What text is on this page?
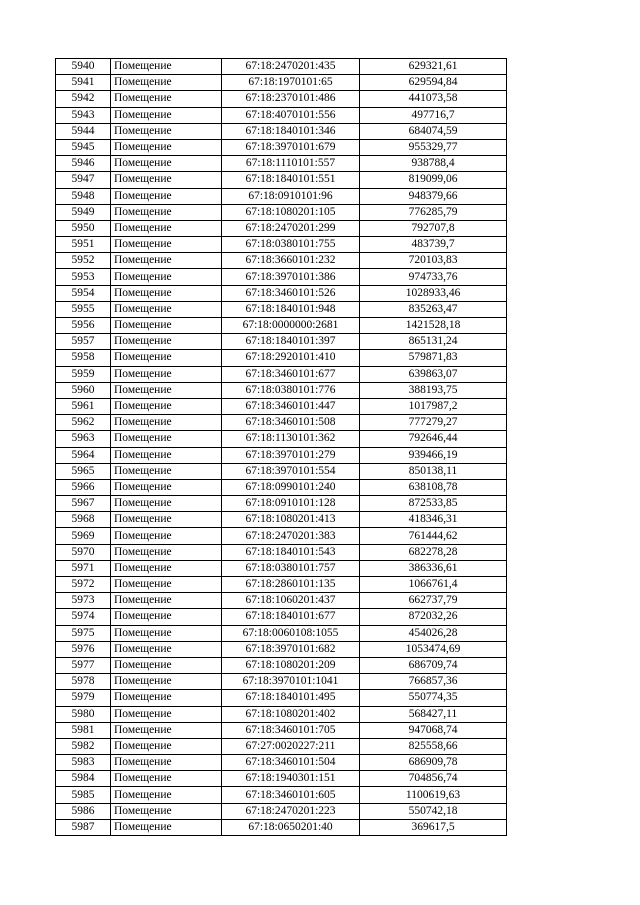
5940	Помещение	67:18:2470201:435	629321,61
5941	Помещение	67:18:1970101:65	629594,84
5942	Помещение	67:18:2370101:486	441073,58
5943	Помещение	67:18:4070101:556	497716,7
5944	Помещение	67:18:1840101:346	684074,59
5945	Помещение	67:18:3970101:679	955329,77
5946	Помещение	67:18:1110101:557	938788,4
5947	Помещение	67:18:1840101:551	819099,06
5948	Помещение	67:18:0910101:96	948379,66
5949	Помещение	67:18:1080201:105	776285,79
5950	Помещение	67:18:2470201:299	792707,8
5951	Помещение	67:18:0380101:755	483739,7
5952	Помещение	67:18:3660101:232	720103,83
5953	Помещение	67:18:3970101:386	974733,76
5954	Помещение	67:18:3460101:526	1028933,46
5955	Помещение	67:18:1840101:948	835263,47
5956	Помещение	67:18:0000000:2681	1421528,18
5957	Помещение	67:18:1840101:397	865131,24
5958	Помещение	67:18:2920101:410	579871,83
5959	Помещение	67:18:3460101:677	639863,07
5960	Помещение	67:18:0380101:776	388193,75
5961	Помещение	67:18:3460101:447	1017987,2
5962	Помещение	67:18:3460101:508	777279,27
5963	Помещение	67:18:1130101:362	792646,44
5964	Помещение	67:18:3970101:279	939466,19
5965	Помещение	67:18:3970101:554	850138,11
5966	Помещение	67:18:0990101:240	638108,78
5967	Помещение	67:18:0910101:128	872533,85
5968	Помещение	67:18:1080201:413	418346,31
5969	Помещение	67:18:2470201:383	761444,62
5970	Помещение	67:18:1840101:543	682278,28
5971	Помещение	67:18:0380101:757	386336,61
5972	Помещение	67:18:2860101:135	1066761,4
5973	Помещение	67:18:1060201:437	662737,79
5974	Помещение	67:18:1840101:677	872032,26
5975	Помещение	67:18:0060108:1055	454026,28
5976	Помещение	67:18:3970101:682	1053474,69
5977	Помещение	67:18:1080201:209	686709,74
5978	Помещение	67:18:3970101:1041	766857,36
5979	Помещение	67:18:1840101:495	550774,35
5980	Помещение	67:18:1080201:402	568427,11
5981	Помещение	67:18:3460101:705	947068,74
5982	Помещение	67:27:0020227:211	825558,66
5983	Помещение	67:18:3460101:504	686909,78
5984	Помещение	67:18:1940301:151	704856,74
5985	Помещение	67:18:3460101:605	1100619,63
5986	Помещение	67:18:2470201:223	550742,18
5987	Помещение	67:18:0650201:40	369617,5
